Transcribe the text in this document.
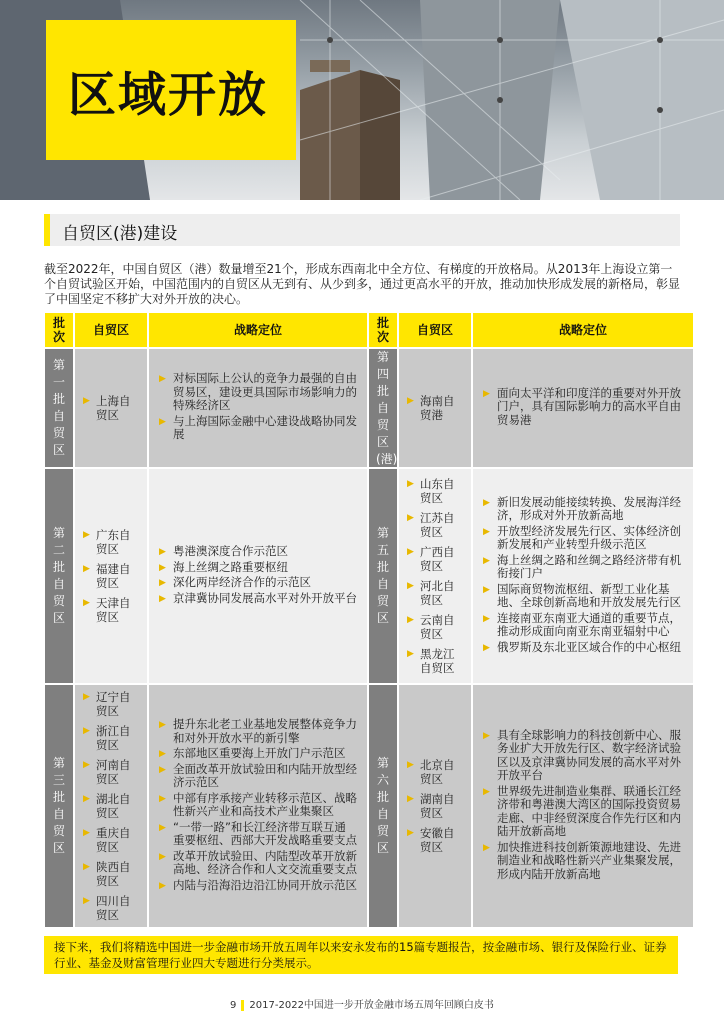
区域开放
自贸区(港)建设
截至2022年，中国自贸区（港）数量增至21个，形成东西南北中全方位、有梯度的开放格局。从2013年上海设立第一个自贸试验区开始，中国范围内的自贸区从无到有、从少到多，通过更高水平的开放，推动加快形成发展的新格局，彰显了中国坚定不移扩大对外开放的决心。
批次 自贸区	战略定位
第一批自贸区
▶ 上海自贸区
▶ 对标国际上公认的竞争力最强的自由贸易区，建设更具国际市场影响力的特殊经济区
▶ 与上海国际金融中心建设战略协同发展
第二批自贸区
▶ 广东自贸区
▶ 福建自贸区
▶ 天津自贸区
▶ 粤港澳深度合作示范区
▶ 海上丝绸之路重要枢纽
▶ 深化两岸经济合作的示范区
▶ 京津冀协同发展高水平对外开放平台
第三批自贸区
▶ 辽宁自贸区
▶ 浙江自贸区
▶ 河南自贸区
▶ 湖北自贸区
▶ 重庆自贸区
▶ 陕西自贸区
▶ 四川自贸区
▶ 提升东北老工业基地发展整体竞争力和对外开放水平的新引擎
▶ 东部地区重要海上开放门户示范区
▶ 全面改革开放试验田和内陆开放型经济示范区
▶ 中部有序承接产业转移示范区、战略性新兴产业和高技术产业集聚区
▶ “一带一路”和长江经济带互联互通重要枢纽、西部大开发战略重要支点
▶ 改革开放试验田、内陆型改革开放新高地、经济合作和人文交流重要支点
▶ 内陆与沿海沿边沿江协同开放示范区
批次 自贸区	战略定位
第四批自贸区(港)
▶ 海南自贸港
▶ 面向太平洋和印度洋的重要对外开放门户，具有国际影响力的高水平自由贸易港
第五批自贸区
▶ 山东自贸区
▶ 江苏自贸区
▶ 广西自贸区
▶ 河北自贸区
▶ 云南自贸区
▶ 黑龙江自贸区
▶ 新旧发展动能接续转换、发展海洋经济，形成对外开放新高地
▶ 开放型经济发展先行区、实体经济创新发展和产业转型升级示范区
▶ 海上丝绸之路和丝绸之路经济带有机衔接门户
▶ 国际商贸物流枢纽、新型工业化基地、全球创新高地和开放发展先行区
▶ 连接南亚东南亚大通道的重要节点，推动形成面向南亚东南亚辐射中心
▶ 俄罗斯及东北亚区域合作的中心枢纽
第六批自贸区
▶ 北京自贸区
▶ 湖南自贸区
▶ 安徽自贸区
▶ 具有全球影响力的科技创新中心、服务业扩大开放先行区、数字经济试验区以及京津冀协同发展的高水平对外开放平台
▶ 世界级先进制造业集群、联通长江经济带和粤港澳大湾区的国际投资贸易走廊、中非经贸深度合作先行区和内陆开放新高地
▶ 加快推进科技创新策源地建设、先进制造业和战略性新兴产业集聚发展，形成内陆开放新高地
接下来，我们将精选中国进一步金融市场开放五周年以来安永发布的15篇专题报告，按金融市场、银行及保险行业、证券行业、基金及财富管理行业四大专题进行分类展示。
9 2017-2022中国进一步开放金融市场五周年回顾白皮书
